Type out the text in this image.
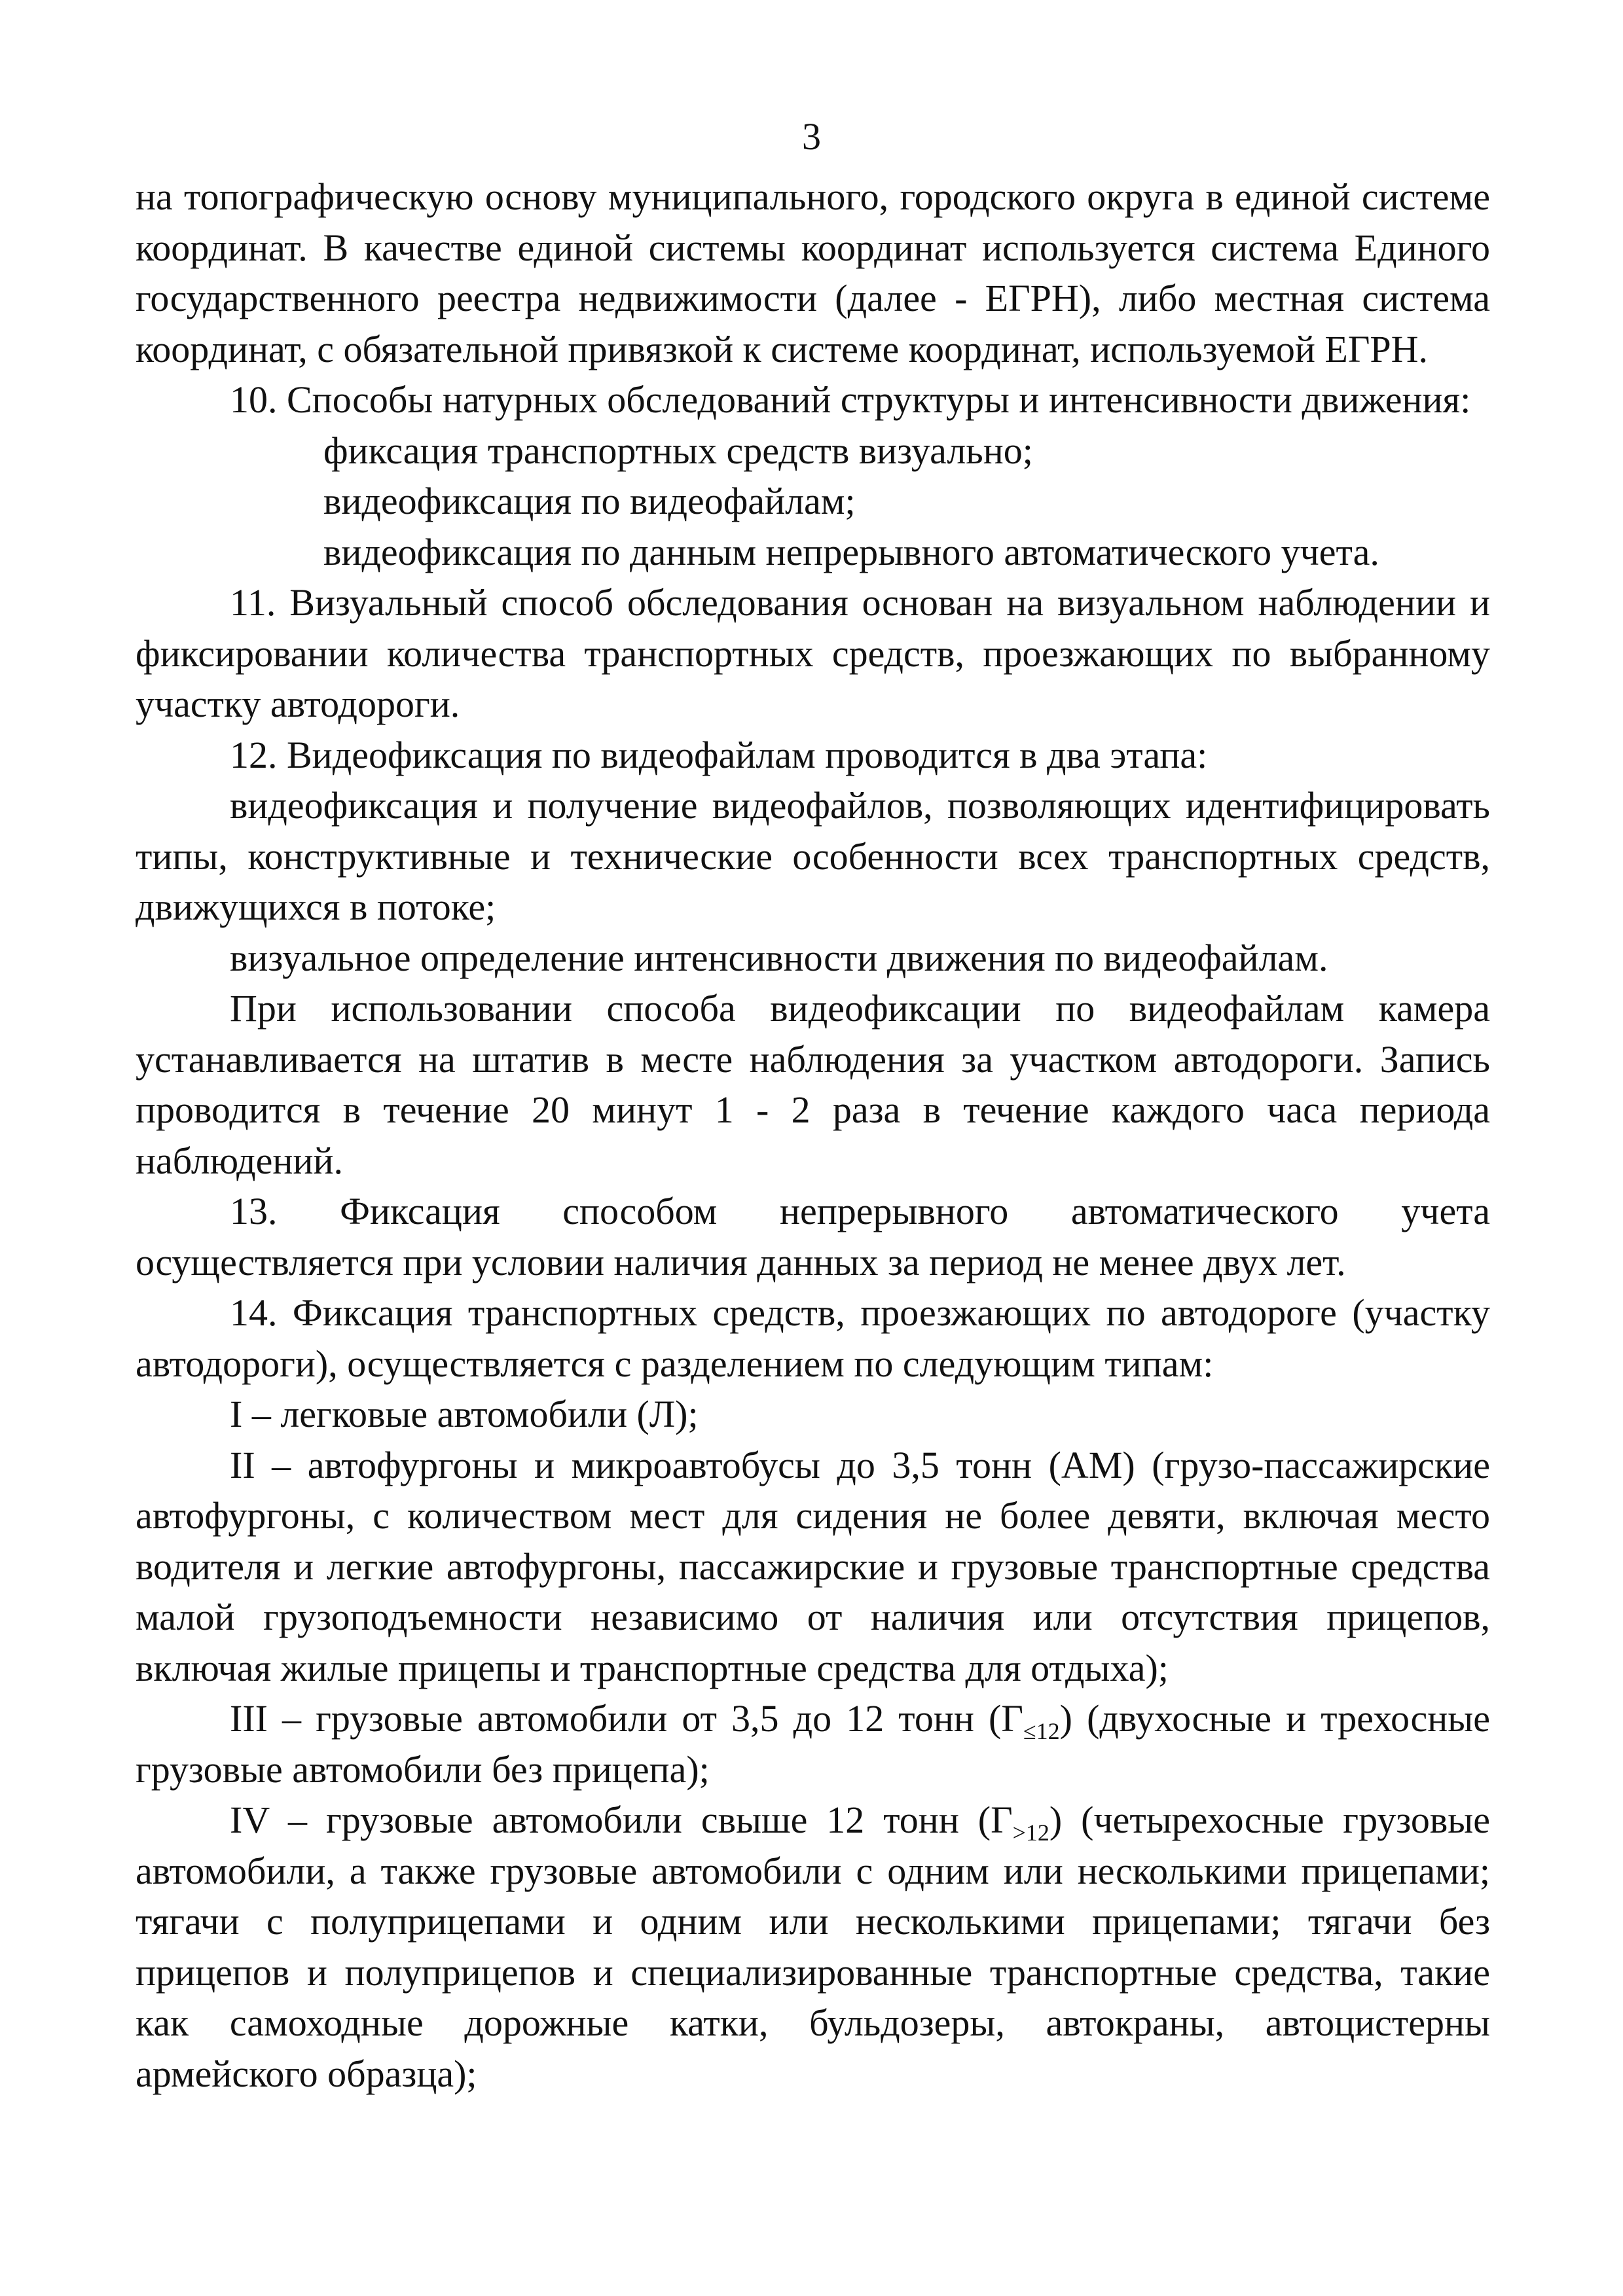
3

на топографическую основу муниципального, городского округа в единой системе координат. В качестве единой системы координат используется система Единого государственного реестра недвижимости (далее - ЕГРН), либо местная система координат, с обязательной привязкой к системе координат, используемой ЕГРН.

10. Способы натурных обследований структуры и интенсивности движения:

фиксация транспортных средств визуально;

видеофиксация по видеофайлам;

видеофиксация по данным непрерывного автоматического учета.

11. Визуальный способ обследования основан на визуальном наблюдении и фиксировании количества транспортных средств, проезжающих по выбранному участку автодороги.

12. Видеофиксация по видеофайлам проводится в два этапа:

видеофиксация и получение видеофайлов, позволяющих идентифицировать типы, конструктивные и технические особенности всех транспортных средств, движущихся в потоке;

визуальное определение интенсивности движения по видеофайлам.

При использовании способа видеофиксации по видеофайлам камера устанавливается на штатив в месте наблюдения за участком автодороги. Запись проводится в течение 20 минут 1 - 2 раза в течение каждого часа периода наблюдений.

13. Фиксация способом непрерывного автоматического учета осуществляется при условии наличия данных за период не менее двух лет.

14. Фиксация транспортных средств, проезжающих по автодороге (участку автодороги), осуществляется с разделением по следующим типам:

I – легковые автомобили (Л);

II – автофургоны и микроавтобусы до 3,5 тонн (АМ) (грузо-пассажирские автофургоны, с количеством мест для сидения не более девяти, включая место водителя и легкие автофургоны, пассажирские и грузовые транспортные средства малой грузоподъемности независимо от наличия или отсутствия прицепов, включая жилые прицепы и транспортные средства для отдыха);

III – грузовые автомобили от 3,5 до 12 тонн $(Г_{\le 12})$ (двухосные и трехосные грузовые автомобили без прицепа);

IV – грузовые автомобили свыше 12 тонн $(Г_{>12})$ (четырехосные грузовые автомобили, а также грузовые автомобили с одним или несколькими прицепами; тягачи с полуприцепами и одним или несколькими прицепами; тягачи без прицепов и полуприцепов и специализированные транспортные средства, такие как самоходные дорожные катки, бульдозеры, автокраны, автоцистерны армейского образца);
